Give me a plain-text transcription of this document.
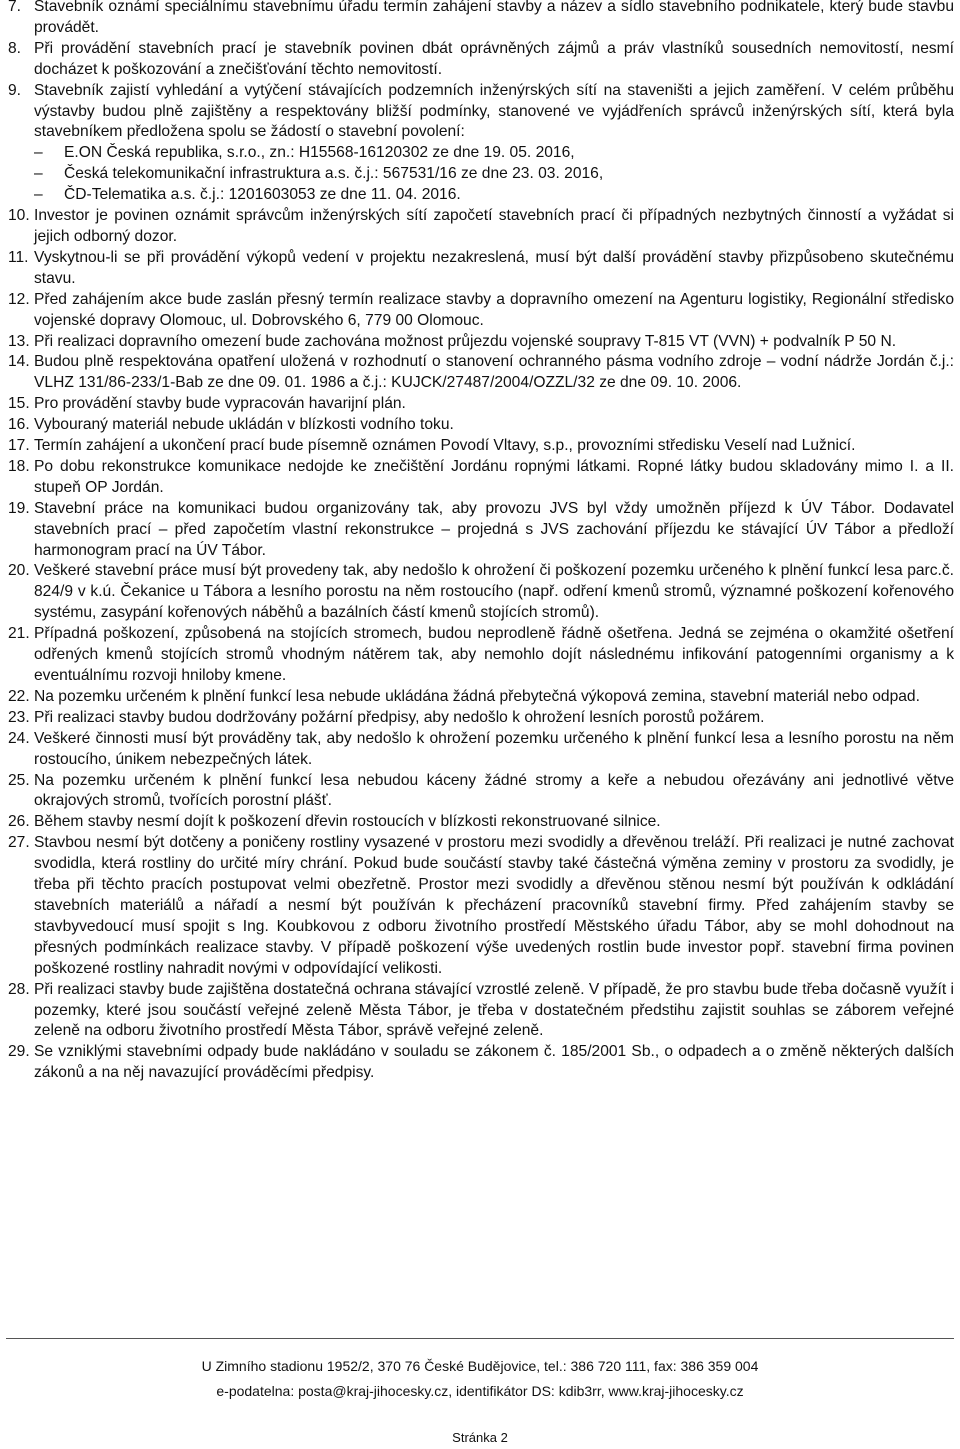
7. Stavebník oznámí speciálnímu stavebnímu úřadu termín zahájení stavby a název a sídlo stavebního podnikatele, který bude stavbu provádět.
8. Při provádění stavebních prací je stavebník povinen dbát oprávněných zájmů a práv vlastníků sousedních nemovitostí, nesmí docházet k poškozování a znečišťování těchto nemovitostí.
9. Stavebník zajistí vyhledání a vytýčení stávajících podzemních inženýrských sítí na staveništi a jejich zaměření. V celém průběhu výstavby budou plně zajištěny a respektovány bližší podmínky, stanovené ve vyjádřeních správců inženýrských sítí, která byla stavebníkem předložena spolu se žádostí o stavební povolení:
– E.ON Česká republika, s.r.o., zn.: H15568-16120302 ze dne 19. 05. 2016,
– Česká telekomunikační infrastruktura a.s. č.j.: 567531/16 ze dne 23. 03. 2016,
– ČD-Telematika a.s. č.j.: 1201603053 ze dne 11. 04. 2016.
10. Investor je povinen oznámit správcům inženýrských sítí započetí stavebních prací či případných nezbytných činností a vyžádat si jejich odborný dozor.
11. Vyskytnou-li se při provádění výkopů vedení v projektu nezakreslená, musí být další provádění stavby přizpůsobeno skutečnému stavu.
12. Před zahájením akce bude zaslán přesný termín realizace stavby a dopravního omezení na Agenturu logistiky, Regionální středisko vojenské dopravy Olomouc, ul. Dobrovského 6, 779 00 Olomouc.
13. Při realizaci dopravního omezení bude zachována možnost průjezdu vojenské soupravy T-815 VT (VVN) + podvalník P 50 N.
14. Budou plně respektována opatření uložená v rozhodnutí o stanovení ochranného pásma vodního zdroje – vodní nádrže Jordán č.j.: VLHZ 131/86-233/1-Bab ze dne 09. 01. 1986 a č.j.: KUJCK/27487/2004/OZZL/32 ze dne 09. 10. 2006.
15. Pro provádění stavby bude vypracován havarijní plán.
16. Vybouraný materiál nebude ukládán v blízkosti vodního toku.
17. Termín zahájení a ukončení prací bude písemně oznámen Povodí Vltavy, s.p., provozními středisku Veselí nad Lužnicí.
18. Po dobu rekonstrukce komunikace nedojde ke znečištění Jordánu ropnými látkami. Ropné látky budou skladovány mimo I. a II. stupeň OP Jordán.
19. Stavební práce na komunikaci budou organizovány tak, aby provozu JVS byl vždy umožněn příjezd k ÚV Tábor. Dodavatel stavebních prací – před započetím vlastní rekonstrukce – projedná s JVS zachování příjezdu ke stávající ÚV Tábor a předloží harmonogram prací na ÚV Tábor.
20. Veškeré stavební práce musí být provedeny tak, aby nedošlo k ohrožení či poškození pozemku určeného k plnění funkcí lesa parc.č. 824/9 v k.ú. Čekanice u Tábora a lesního porostu na něm rostoucího (např. odření kmenů stromů, významné poškození kořenového systému, zasypání kořenových náběhů a bazálních částí kmenů stojících stromů).
21. Případná poškození, způsobená na stojících stromech, budou neprodleně řádně ošetřena. Jedná se zejména o okamžité ošetření odřených kmenů stojících stromů vhodným nátěrem tak, aby nemohlo dojít následnému infikování patogenními organismy a k eventuálnímu rozvoji hniloby kmene.
22. Na pozemku určeném k plnění funkcí lesa nebude ukládána žádná přebytečná výkopová zemina, stavební materiál nebo odpad.
23. Při realizaci stavby budou dodržovány požární předpisy, aby nedošlo k ohrožení lesních porostů požárem.
24. Veškeré činnosti musí být prováděny tak, aby nedošlo k ohrožení pozemku určeného k plnění funkcí lesa a lesního porostu na něm rostoucího, únikem nebezpečných látek.
25. Na pozemku určeném k plnění funkcí lesa nebudou káceny žádné stromy a keře a nebudou ořezávány ani jednotlivé větve okrajových stromů, tvořících porostní plášť.
26. Během stavby nesmí dojít k poškození dřevin rostoucích v blízkosti rekonstruované silnice.
27. Stavbou nesmí být dotčeny a poničeny rostliny vysazené v prostoru mezi svodidly a dřevěnou treláží. Při realizaci je nutné zachovat svodidla, která rostliny do určité míry chrání. Pokud bude součástí stavby také částečná výměna zeminy v prostoru za svodidly, je třeba při těchto pracích postupovat velmi obezřetně. Prostor mezi svodidly a dřevěnou stěnou nesmí být používán k odkládání stavebních materiálů a nářadí a nesmí být používán k přecházení pracovníků stavební firmy. Před zahájením stavby se stavbyvedoucí musí spojit s Ing. Koubkovou z odboru životního prostředí Městského úřadu Tábor, aby se mohl dohodnout na přesných podmínkách realizace stavby. V případě poškození výše uvedených rostlin bude investor popř. stavební firma povinen poškozené rostliny nahradit novými v odpovídající velikosti.
28. Při realizaci stavby bude zajištěna dostatečná ochrana stávající vzrostlé zeleně. V případě, že pro stavbu bude třeba dočasně využít i pozemky, které jsou součástí veřejné zeleně Města Tábor, je třeba v dostatečném předstihu zajistit souhlas se záborem veřejné zeleně na odboru životního prostředí Města Tábor, správě veřejné zeleně.
29. Se vzniklými stavebními odpady bude nakládáno v souladu se zákonem č. 185/2001 Sb., o odpadech a o změně některých dalších zákonů a na něj navazující prováděcími předpisy.
U Zimního stadionu 1952/2, 370 76 České Budějovice, tel.: 386 720 111, fax: 386 359 004
e-podatelna: posta@kraj-jihocesky.cz, identifikátor DS: kdib3rr, www.kraj-jihocesky.cz
Stránka 2
